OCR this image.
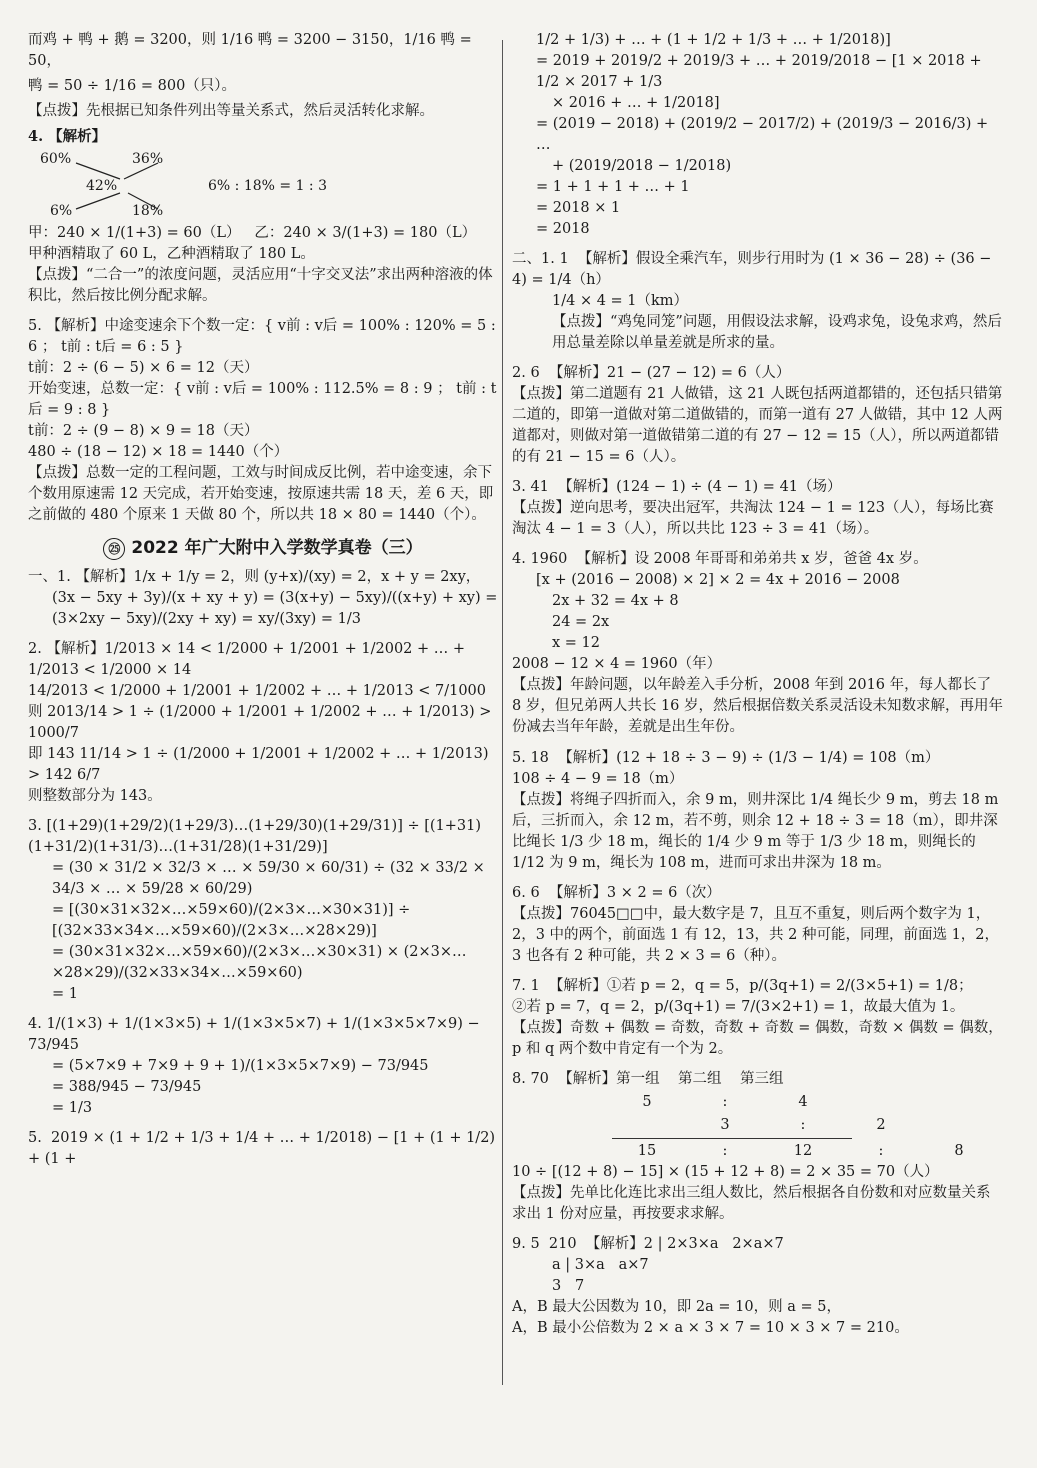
而鸡 + 鸭 + 鹅 = 3200，则 1/16 鸭 = 3200 − 3150，1/16 鸭 = 50，
鸭 = 50 ÷ 1/16 = 800（只）。
【点拨】先根据已知条件列出等量关系式，然后灵活转化求解。
4. 【解析】
60%	36%
42%
6%	18%
6% : 18% = 1 : 3
甲：240 × 1/(1+3) = 60（L）   乙：240 × 3/(1+3) = 180（L）
甲种酒精取了 60 L，乙种酒精取了 180 L。
【点拨】“二合一”的浓度问题，灵活应用“十字交叉法”求出两种溶液的体积比，然后按比例分配求解。
5. 【解析】中途变速余下个数一定：{ v前 : v后 = 100% : 120% = 5 : 6 ； t前 : t后 = 6 : 5 }
t前：2 ÷ (6 − 5) × 6 = 12（天）
开始变速，总数一定：{ v前 : v后 = 100% : 112.5% = 8 : 9 ； t前 : t后 = 9 : 8 }
t前：2 ÷ (9 − 8) × 9 = 18（天）
480 ÷ (18 − 12) × 18 = 1440（个）
【点拨】总数一定的工程问题，工效与时间成反比例，若中途变速，余下个数用原速需 12 天完成，若开始变速，按原速共需 18 天，差 6 天，即之前做的 480 个原来 1 天做 80 个，所以共 18 × 80 = 1440（个）。
㉕ 2022 年广大附中入学数学真卷（三）
一、1. 【解析】1/x + 1/y = 2，则 (y+x)/(xy) = 2，x + y = 2xy，
(3x − 5xy + 3y)/(x + xy + y) = (3(x+y) − 5xy)/((x+y) + xy) = (3×2xy − 5xy)/(2xy + xy) = xy/(3xy) = 1/3
2. 【解析】1/2013 × 14 < 1/2000 + 1/2001 + 1/2002 + … + 1/2013 < 1/2000 × 14
14/2013 < 1/2000 + 1/2001 + 1/2002 + … + 1/2013 < 7/1000
则 2013/14 > 1 ÷ (1/2000 + 1/2001 + 1/2002 + … + 1/2013) > 1000/7
即 143 11/14 > 1 ÷ (1/2000 + 1/2001 + 1/2002 + … + 1/2013) > 142 6/7
则整数部分为 143。
3. [(1+29)(1+29/2)(1+29/3)…(1+29/30)(1+29/31)] ÷ [(1+31)(1+31/2)(1+31/3)…(1+31/28)(1+31/29)]
= (30 × 31/2 × 32/3 × … × 59/30 × 60/31) ÷ (32 × 33/2 × 34/3 × … × 59/28 × 60/29)
= [(30×31×32×…×59×60)/(2×3×…×30×31)] ÷ [(32×33×34×…×59×60)/(2×3×…×28×29)]
= (30×31×32×…×59×60)/(2×3×…×30×31) × (2×3×…×28×29)/(32×33×34×…×59×60)
= 1
4. 1/(1×3) + 1/(1×3×5) + 1/(1×3×5×7) + 1/(1×3×5×7×9) − 73/945
= (5×7×9 + 7×9 + 9 + 1)/(1×3×5×7×9) − 73/945
= 388/945 − 73/945
= 1/3
5.  2019 × (1 + 1/2 + 1/3 + 1/4 + … + 1/2018) − [1 + (1 + 1/2) + (1 +
1/2 + 1/3) + … + (1 + 1/2 + 1/3 + … + 1/2018)]
= 2019 + 2019/2 + 2019/3 + … + 2019/2018 − [1 × 2018 + 1/2 × 2017 + 1/3
× 2016 + … + 1/2018]
= (2019 − 2018) + (2019/2 − 2017/2) + (2019/3 − 2016/3) + …
+ (2019/2018 − 1/2018)
= 1 + 1 + 1 + … + 1
= 2018 × 1
= 2018
二、1. 1  【解析】假设全乘汽车，则步行用时为 (1 × 36 − 28) ÷ (36 − 4) = 1/4（h）
1/4 × 4 = 1（km）
【点拨】“鸡兔同笼”问题，用假设法求解，设鸡求兔，设兔求鸡，然后用总量差除以单量差就是所求的量。
2. 6  【解析】21 − (27 − 12) = 6（人）
【点拨】第二道题有 21 人做错，这 21 人既包括两道都错的，还包括只错第二道的，即第一道做对第二道做错的，而第一道有 27 人做错，其中 12 人两道都对，则做对第一道做错第二道的有 27 − 12 = 15（人），所以两道都错的有 21 − 15 = 6（人）。
3. 41  【解析】(124 − 1) ÷ (4 − 1) = 41（场）
【点拨】逆向思考，要决出冠军，共淘汰 124 − 1 = 123（人），每场比赛淘汰 4 − 1 = 3（人），所以共比 123 ÷ 3 = 41（场）。
4. 1960  【解析】设 2008 年哥哥和弟弟共 x 岁，爸爸 4x 岁。
[x + (2016 − 2008) × 2] × 2 = 4x + 2016 − 2008
2x + 32 = 4x + 8
24 = 2x
x = 12
2008 − 12 × 4 = 1960（年）
【点拨】年龄问题，以年龄差入手分析，2008 年到 2016 年，每人都长了 8 岁，但兄弟两人共长 16 岁，然后根据倍数关系灵活设未知数求解，再用年份减去当年年龄，差就是出生年份。
5. 18  【解析】(12 + 18 ÷ 3 − 9) ÷ (1/3 − 1/4) = 108（m）
108 ÷ 4 − 9 = 18（m）
【点拨】将绳子四折而入，余 9 m，则井深比 1/4 绳长少 9 m，剪去 18 m 后，三折而入，余 12 m，若不剪，则余 12 + 18 ÷ 3 = 18（m），即井深比绳长 1/3 少 18 m，绳长的 1/4 少 9 m 等于 1/3 少 18 m，则绳长的 1/12 为 9 m，绳长为 108 m，进而可求出井深为 18 m。
6. 6  【解析】3 × 2 = 6（次）
【点拨】76045□□中，最大数字是 7，且互不重复，则后两个数字为 1，2，3 中的两个，前面选 1 有 12，13，共 2 种可能，同理，前面选 1，2，3 也各有 2 种可能，共 2 × 3 = 6（种）。
7. 1  【解析】①若 p = 2，q = 5，p/(3q+1) = 2/(3×5+1) = 1/8；
②若 p = 7，q = 2，p/(3q+1) = 7/(3×2+1) = 1，故最大值为 1。
【点拨】奇数 + 偶数 = 奇数，奇数 + 奇数 = 偶数，奇数 × 偶数 = 偶数，p 和 q 两个数中肯定有一个为 2。
8. 70  【解析】第一组    第二组    第三组
5	:	4
3	:	2
15	:	12	:	8
10 ÷ [(12 + 8) − 15] × (15 + 12 + 8) = 2 × 35 = 70（人）
【点拨】先单比化连比求出三组人数比，然后根据各自份数和对应数量关系求出 1 份对应量，再按要求求解。
9. 5  210  【解析】2 | 2×3×a   2×a×7
a | 3×a   a×7
3   7
A，B 最大公因数为 10，即 2a = 10，则 a = 5，
A，B 最小公倍数为 2 × a × 3 × 7 = 10 × 3 × 7 = 210。
